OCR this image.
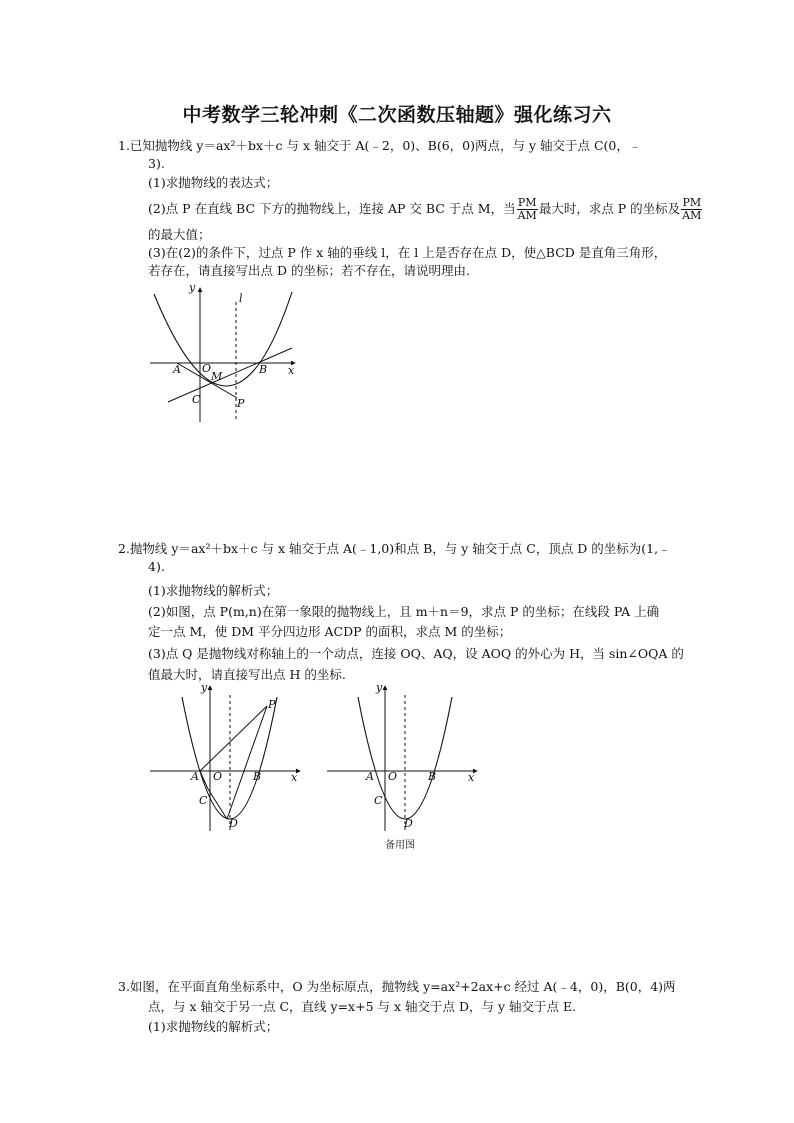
中考数学三轮冲刺《二次函数压轴题》强化练习六
1.已知抛物线 y＝ax²＋bx＋c 与 x 轴交于 A(﹣2，0)、B(6，0)两点，与 y 轴交于点 C(0，﹣
3).
(1)求抛物线的表达式；
(2)点 P 在直线 BC 下方的抛物线上，连接 AP 交 BC 于点 M，当 $\frac{PM}{AM}$ 最大时，求点 P 的坐标及 $\frac{PM}{AM}$
的最大值；
(3)在(2)的条件下，过点 P 作 x 轴的垂线 l，在 l 上是否存在点 D，使△BCD 是直角三角形，
若存在，请直接写出点 D 的坐标；若不存在，请说明理由.
A O
M
B
C	P
y
x
l
2.抛物线 y＝ax²＋bx＋c 与 x 轴交于点 A(﹣1,0)和点 B，与 y 轴交于点 C，顶点 D 的坐标为(1,﹣
4).
(1)求抛物线的解析式；
(2)如图，点 P(m,n)在第一象限的抛物线上，且 m＋n＝9，求点 P 的坐标；在线段 PA 上确
定一点 M，使 DM 平分四边形 ACDP 的面积，求点 M 的坐标；
(3)点 Q 是抛物线对称轴上的一个动点，连接 OQ、AQ，设 AOQ 的外心为 H，当 sin∠OQA 的
值最大时，请直接写出点 H 的坐标.
A O	B
C
D
P
y
x	A O	B
C
D
y
x
备用图
3.如图，在平面直角坐标系中，O 为坐标原点，抛物线 y=ax²+2ax+c 经过 A(﹣4，0)，B(0，4)两
点，与 x 轴交于另一点 C，直线 y=x+5 与 x 轴交于点 D，与 y 轴交于点 E.
(1)求抛物线的解析式；
